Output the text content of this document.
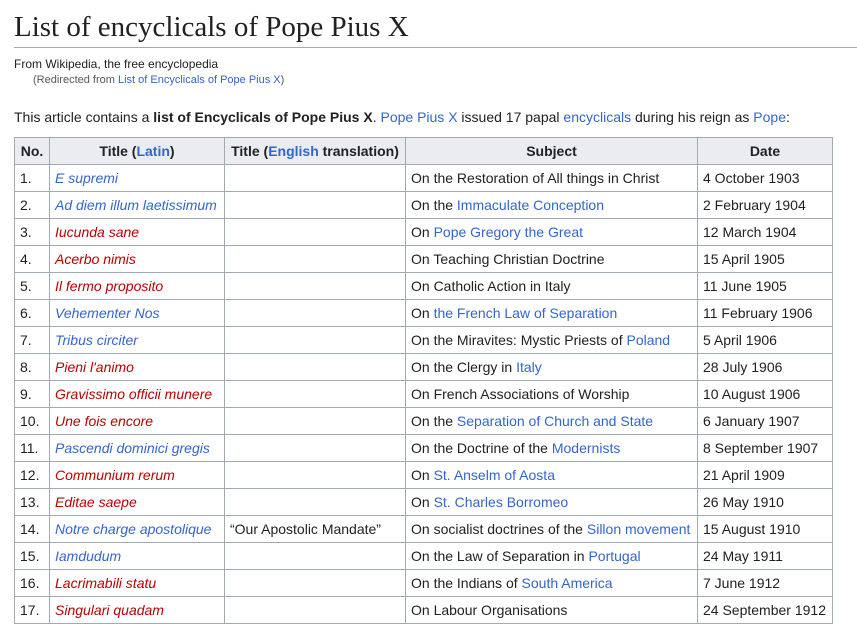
List of encyclicals of Pope Pius X
From Wikipedia, the free encyclopedia
(Redirected from List of Encyclicals of Pope Pius X)
This article contains a list of Encyclicals of Pope Pius X. Pope Pius X issued 17 papal encyclicals during his reign as Pope:
No.	Title (Latin)	Title (English translation)	Subject	Date
1.	E supremi		On the Restoration of All things in Christ	4 October 1903
2.	Ad diem illum laetissimum		On the Immaculate Conception	2 February 1904
3.	Iucunda sane		On Pope Gregory the Great	12 March 1904
4.	Acerbo nimis		On Teaching Christian Doctrine	15 April 1905
5.	Il fermo proposito		On Catholic Action in Italy	11 June 1905
6.	Vehementer Nos		On the French Law of Separation	11 February 1906
7.	Tribus circiter		On the Miravites: Mystic Priests of Poland	5 April 1906
8.	Pieni l'animo		On the Clergy in Italy	28 July 1906
9.	Gravissimo officii munere		On French Associations of Worship	10 August 1906
10.	Une fois encore		On the Separation of Church and State	6 January 1907
11.	Pascendi dominici gregis		On the Doctrine of the Modernists	8 September 1907
12.	Communium rerum		On St. Anselm of Aosta	21 April 1909
13.	Editae saepe		On St. Charles Borromeo	26 May 1910
14.	Notre charge apostolique	“Our Apostolic Mandate”	On socialist doctrines of the Sillon movement	15 August 1910
15.	Iamdudum		On the Law of Separation in Portugal	24 May 1911
16.	Lacrimabili statu		On the Indians of South America	7 June 1912
17.	Singulari quadam		On Labour Organisations	24 September 1912
